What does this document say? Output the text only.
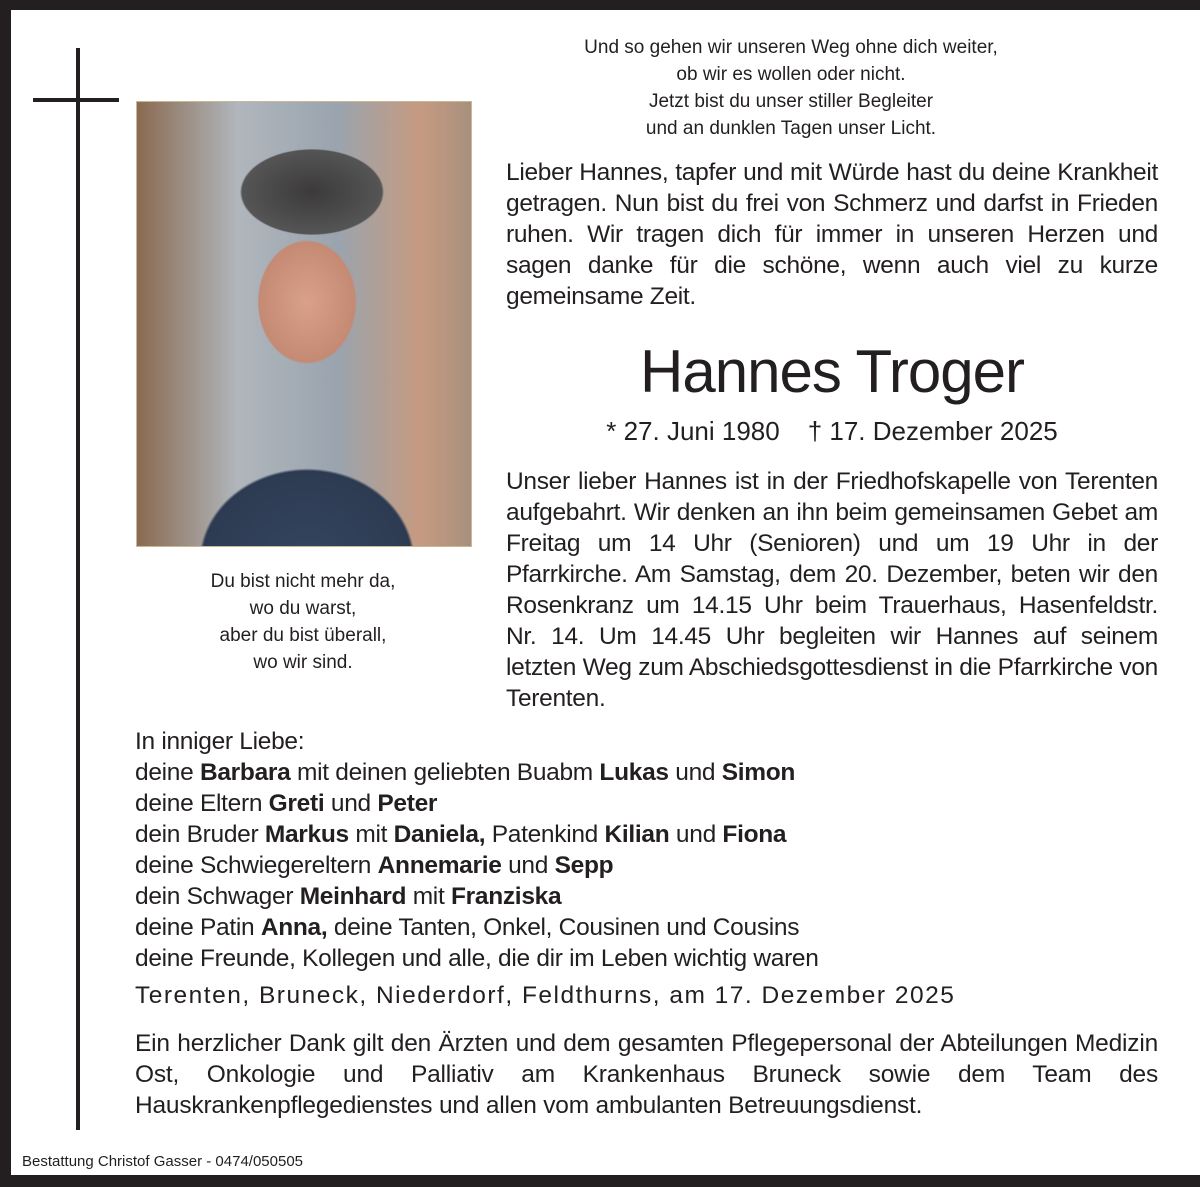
Und so gehen wir unseren Weg ohne dich weiter,
ob wir es wollen oder nicht.
Jetzt bist du unser stiller Begleiter
und an dunklen Tagen unser Licht.
Lieber Hannes, tapfer und mit Würde hast du deine Krankheit getragen. Nun bist du frei von Schmerz und darfst in Frieden ruhen. Wir tragen dich für immer in unseren Herzen und sagen danke für die schöne, wenn auch viel zu kurze gemeinsame Zeit.
Hannes Troger
* 27. Juni 1980 † 17. Dezember 2025
Unser lieber Hannes ist in der Friedhofskapelle von Terenten aufgebahrt. Wir denken an ihn beim gemeinsamen Gebet am Freitag um 14 Uhr (Senioren) und um 19 Uhr in der Pfarrkirche. Am Samstag, dem 20. Dezember, beten wir den Rosenkranz um 14.15 Uhr beim Trauerhaus, Hasenfeldstr. Nr. 14. Um 14.45 Uhr begleiten wir Hannes auf seinem letzten Weg zum Abschiedsgottesdienst in die Pfarrkirche von Terenten.
Du bist nicht mehr da,
wo du warst,
aber du bist überall,
wo wir sind.
In inniger Liebe:
deine Barbara mit deinen geliebten Buabm Lukas und Simon
deine Eltern Greti und Peter
dein Bruder Markus mit Daniela, Patenkind Kilian und Fiona
deine Schwiegereltern Annemarie und Sepp
dein Schwager Meinhard mit Franziska
deine Patin Anna, deine Tanten, Onkel, Cousinen und Cousins
deine Freunde, Kollegen und alle, die dir im Leben wichtig waren
Terenten, Bruneck, Niederdorf, Feldthurns, am 17. Dezember 2025
Ein herzlicher Dank gilt den Ärzten und dem gesamten Pflegepersonal der Abteilungen Medizin Ost, Onkologie und Palliativ am Krankenhaus Bruneck sowie dem Team des Hauskrankenpflegedienstes und allen vom ambulanten Betreuungsdienst.
Bestattung Christof Gasser - 0474/050505
